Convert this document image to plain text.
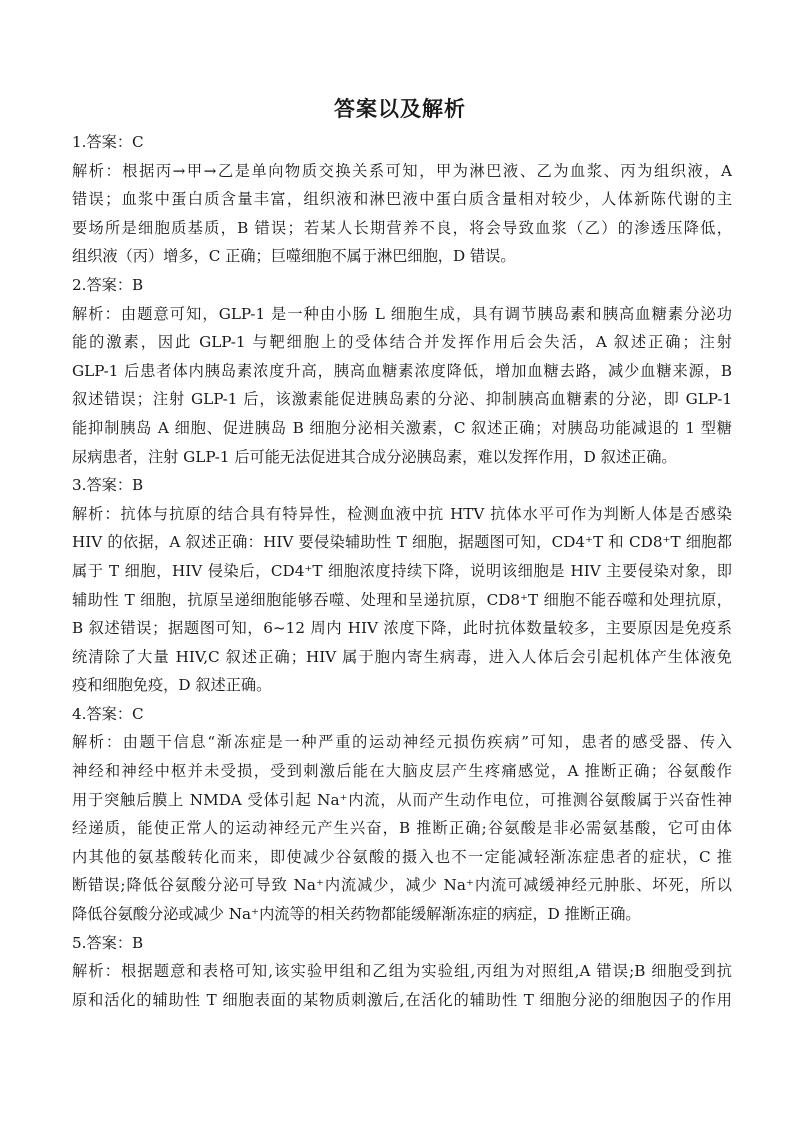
答案以及解析
1.答案：C
解析：根据丙→甲→乙是单向物质交换关系可知，甲为淋巴液、乙为血浆、丙为组织液，A
错误；血浆中蛋白质含量丰富，组织液和淋巴液中蛋白质含量相对较少，人体新陈代谢的主
要场所是细胞质基质，B 错误；若某人长期营养不良，将会导致血浆（乙）的渗透压降低，
组织液（丙）增多，C 正确；巨噬细胞不属于淋巴细胞，D 错误。
2.答案：B
解析：由题意可知，GLP-1 是一种由小肠 L 细胞生成，具有调节胰岛素和胰高血糖素分泌功
能的激素，因此 GLP-1 与靶细胞上的受体结合并发挥作用后会失活，A 叙述正确；注射
GLP-1 后患者体内胰岛素浓度升高，胰高血糖素浓度降低，增加血糖去路，减少血糖来源，B
叙述错误；注射 GLP-1 后，该激素能促进胰岛素的分泌、抑制胰高血糖素的分泌，即 GLP-1
能抑制胰岛 A 细胞、促进胰岛 B 细胞分泌相关激素，C 叙述正确；对胰岛功能减退的 1 型糖
尿病患者，注射 GLP-1 后可能无法促进其合成分泌胰岛素，难以发挥作用，D 叙述正确。
3.答案：B
解析：抗体与抗原的结合具有特异性，检测血液中抗 HTV 抗体水平可作为判断人体是否感染
HIV 的依据，A 叙述正确：HIV 要侵染辅助性 T 细胞，据题图可知，CD4⁺T 和 CD8⁺T 细胞都
属于 T 细胞，HIV 侵染后，CD4⁺T 细胞浓度持续下降，说明该细胞是 HIV 主要侵染对象，即
辅助性 T 细胞，抗原呈递细胞能够吞噬、处理和呈递抗原，CD8⁺T 细胞不能吞噬和处理抗原，
B 叙述错误；据题图可知，6~12 周内 HIV 浓度下降，此时抗体数量较多，主要原因是免疫系
统清除了大量 HIV,C 叙述正确；HIV 属于胞内寄生病毒，进入人体后会引起机体产生体液免
疫和细胞免疫，D 叙述正确。
4.答案：C
解析：由题干信息“渐冻症是一种严重的运动神经元损伤疾病”可知，患者的感受器、传入
神经和神经中枢并未受损，受到刺激后能在大脑皮层产生疼痛感觉，A 推断正确；谷氨酸作
用于突触后膜上 NMDA 受体引起 Na⁺内流，从而产生动作电位，可推测谷氨酸属于兴奋性神
经递质，能使正常人的运动神经元产生兴奋，B 推断正确;谷氨酸是非必需氨基酸，它可由体
内其他的氨基酸转化而来，即使减少谷氨酸的摄入也不一定能减轻渐冻症患者的症状，C 推
断错误;降低谷氨酸分泌可导致 Na⁺内流减少，减少 Na⁺内流可减缓神经元肿胀、坏死，所以
降低谷氨酸分泌或减少 Na⁺内流等的相关药物都能缓解渐冻症的病症，D 推断正确。
5.答案：B
解析：根据题意和表格可知,该实验甲组和乙组为实验组,丙组为对照组,A 错误;B 细胞受到抗
原和活化的辅助性 T 细胞表面的某物质刺激后,在活化的辅助性 T 细胞分泌的细胞因子的作用
